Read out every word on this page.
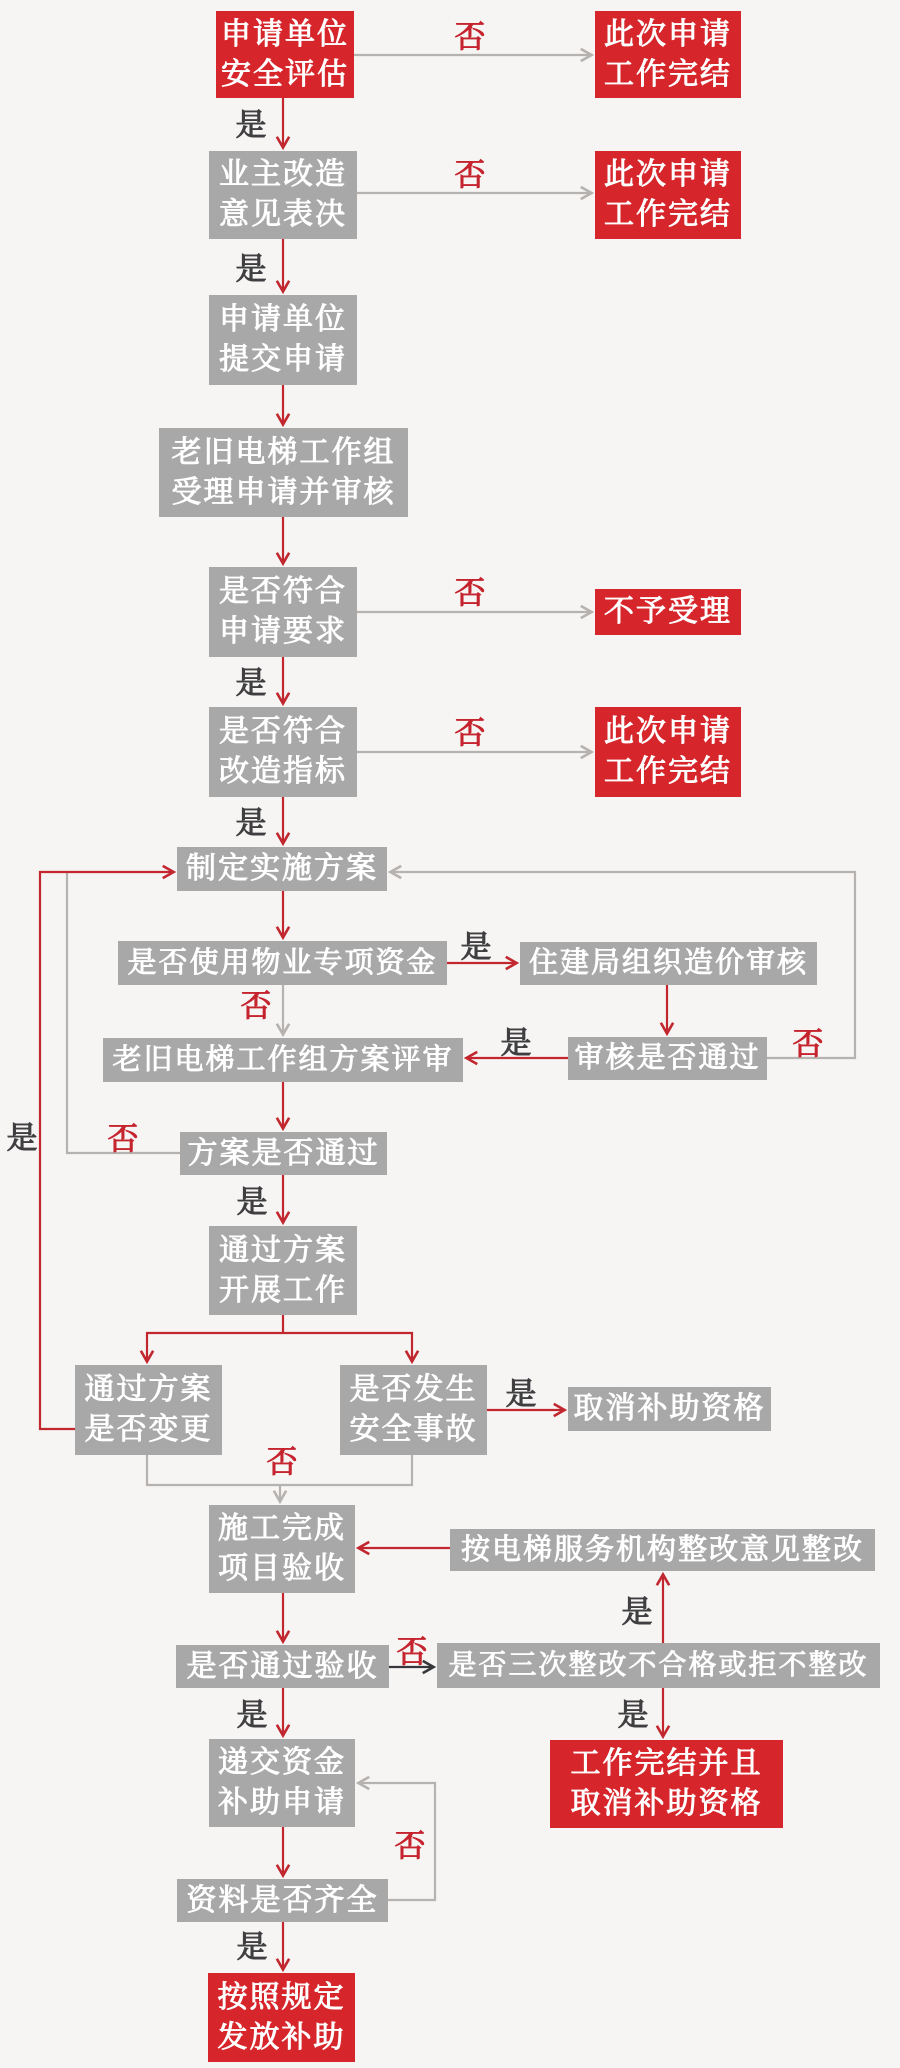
申请单位
安全评估
此次申请
工作完结
业主改造
意见表决
此次申请
工作完结
申请单位
提交申请
老旧电梯工作组
受理申请并审核
是否符合
申请要求
不予受理
是否符合
改造指标
此次申请
工作完结
制定实施方案
是否使用物业专项资金	住建局组织造价审核
老旧电梯工作组方案评审	审核是否通过
方案是否通过
通过方案
开展工作
通过方案
是否变更
是否发生
安全事故
取消补助资格
施工完成
项目验收
按电梯服务机构整改意见整改
是否通过验收 是否三次整改不合格或拒不整改
递交资金
补助申请
工作完结并且
取消补助资格
资料是否齐全
按照规定
发放补助
否
是
否
是
否
是
否
是
是
否
是	否
否
是
是
是
否
否
是
是	是
否
是
